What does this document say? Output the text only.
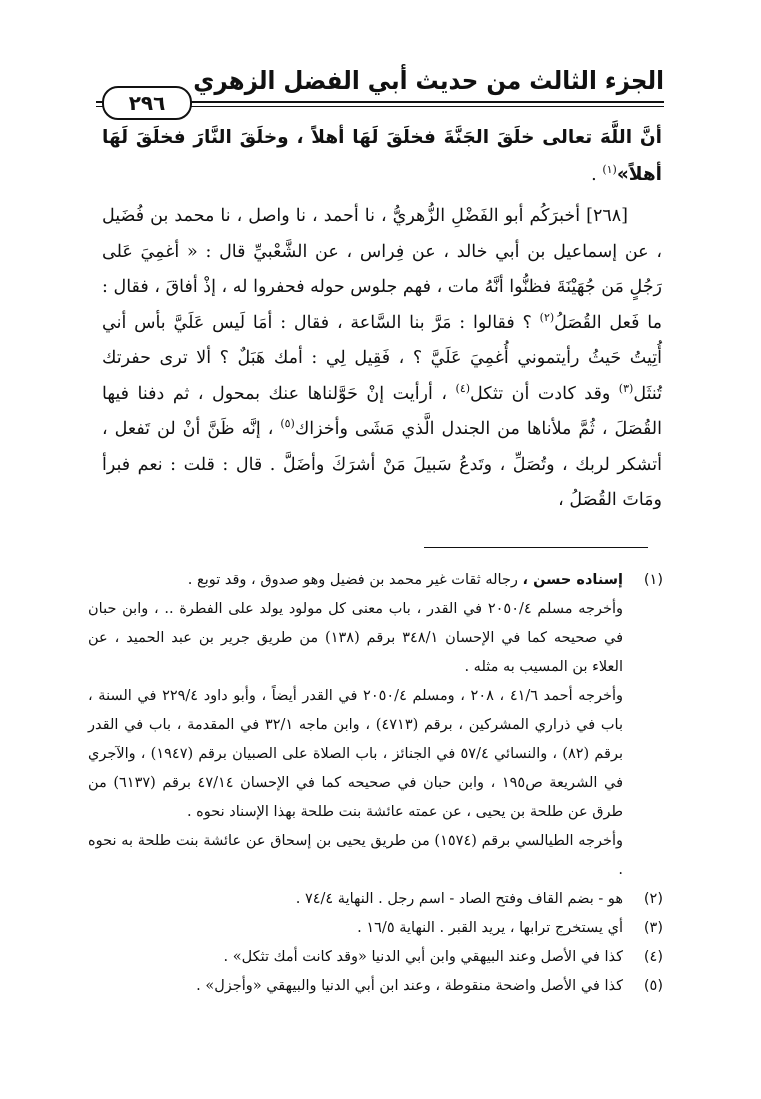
الجزء الثالث من حديث أبي الفضل الزهري
٢٩٦

أنَّ اللَّهَ تعالى خلَقَ الجَنَّةَ فخلَقَ لَهَا أهلاً ، وخلَقَ النَّارَ فخلَقَ لَهَا أهلاً»$^{(١)}$ .

[٢٦٨] أخبرَكُم أبو الفَضْلِ الزُّهريُّ ، نا أحمد ، نا واصل ، نا محمد بن فُضَيل ، عن إسماعيل بن أبي خالد ، عن فِراس ، عن الشَّعْبيِّ قال : « أغمِيَ عَلى رَجُلٍ مَن جُهَيْنَةَ فظنُّوا أنَّهُ مات ، فهم جلوس حوله فحفروا له ، إذْ أفاقَ ، فقال : ما فَعل القُصَلُ$^{(٢)}$ ؟ فقالوا : مَرَّ بنا السَّاعة ، فقال : أمَا لَيس عَلَيَّ بأس أني أُتِيتُ حَيثُ رأيتموني أُغمِيَ عَلَيَّ ؟ ، فَقِيل لِي : أمك هَبَلٌ ؟ ألا ترى حفرتك تُنثَل$^{(٣)}$ وقد كادت أن تثكل$^{(٤)}$ ، أرأيت إنْ حَوَّلناها عنك بمحول ، ثم دفنا فيها القُصَلَ ، ثُمَّ ملأناها من الجندل الَّذي مَشَى وأخزاك$^{(٥)}$ ، إنَّه ظَنَّ أنْ لن تَفعل ، أتشكر لربك ، وتُصَلِّ ، وتَدعُ سَبيلَ مَنْ أشرَكَ وأضَلَّ . قال : قلت : نعم فبرأ ومَاتَ القُصَلُ ،

(١)

إسناده حسن ، رجاله ثقات غير محمد بن فضيل وهو صدوق ، وقد توبع .

وأخرجه مسلم ٢٠٥٠/٤ في القدر ، باب معنى كل مولود يولد على الفطرة .. ، وابن حبان في صحيحه كما في الإحسان ٣٤٨/١ برقم (١٣٨) من طريق جرير بن عبد الحميد ، عن العلاء بن المسيب به مثله .

وأخرجه أحمد ٤١/٦ ، ٢٠٨ ، ومسلم ٢٠٥٠/٤ في القدر أيضاً ، وأبو داود ٢٢٩/٤ في السنة ، باب في ذراري المشركين ، برقم (٤٧١٣) ، وابن ماجه ٣٢/١ في المقدمة ، باب في القدر برقم (٨٢) ، والنسائي ٥٧/٤ في الجنائز ، باب الصلاة على الصبيان برقم (١٩٤٧) ، والآجري في الشريعة ص١٩٥ ، وابن حبان في صحيحه كما في الإحسان ٤٧/١٤ برقم (٦١٣٧) من طرق عن طلحة بن يحيى ، عن عمته عائشة بنت طلحة بهذا الإسناد نحوه .

وأخرجه الطيالسي برقم (١٥٧٤) من طريق يحيى بن إسحاق عن عائشة بنت طلحة به نحوه .

(٢)

هو - بضم القاف وفتح الصاد - اسم رجل . النهاية ٧٤/٤ .

(٣)

أي يستخرج ترابها ، يريد القبر . النهاية ١٦/٥ .

(٤)

كذا في الأصل وعند البيهقي وابن أبي الدنيا «وقد كانت أمك تثكل» .

(٥)

كذا في الأصل واضحة منقوطة ، وعند ابن أبي الدنيا والبيهقي «وأجزل» .
